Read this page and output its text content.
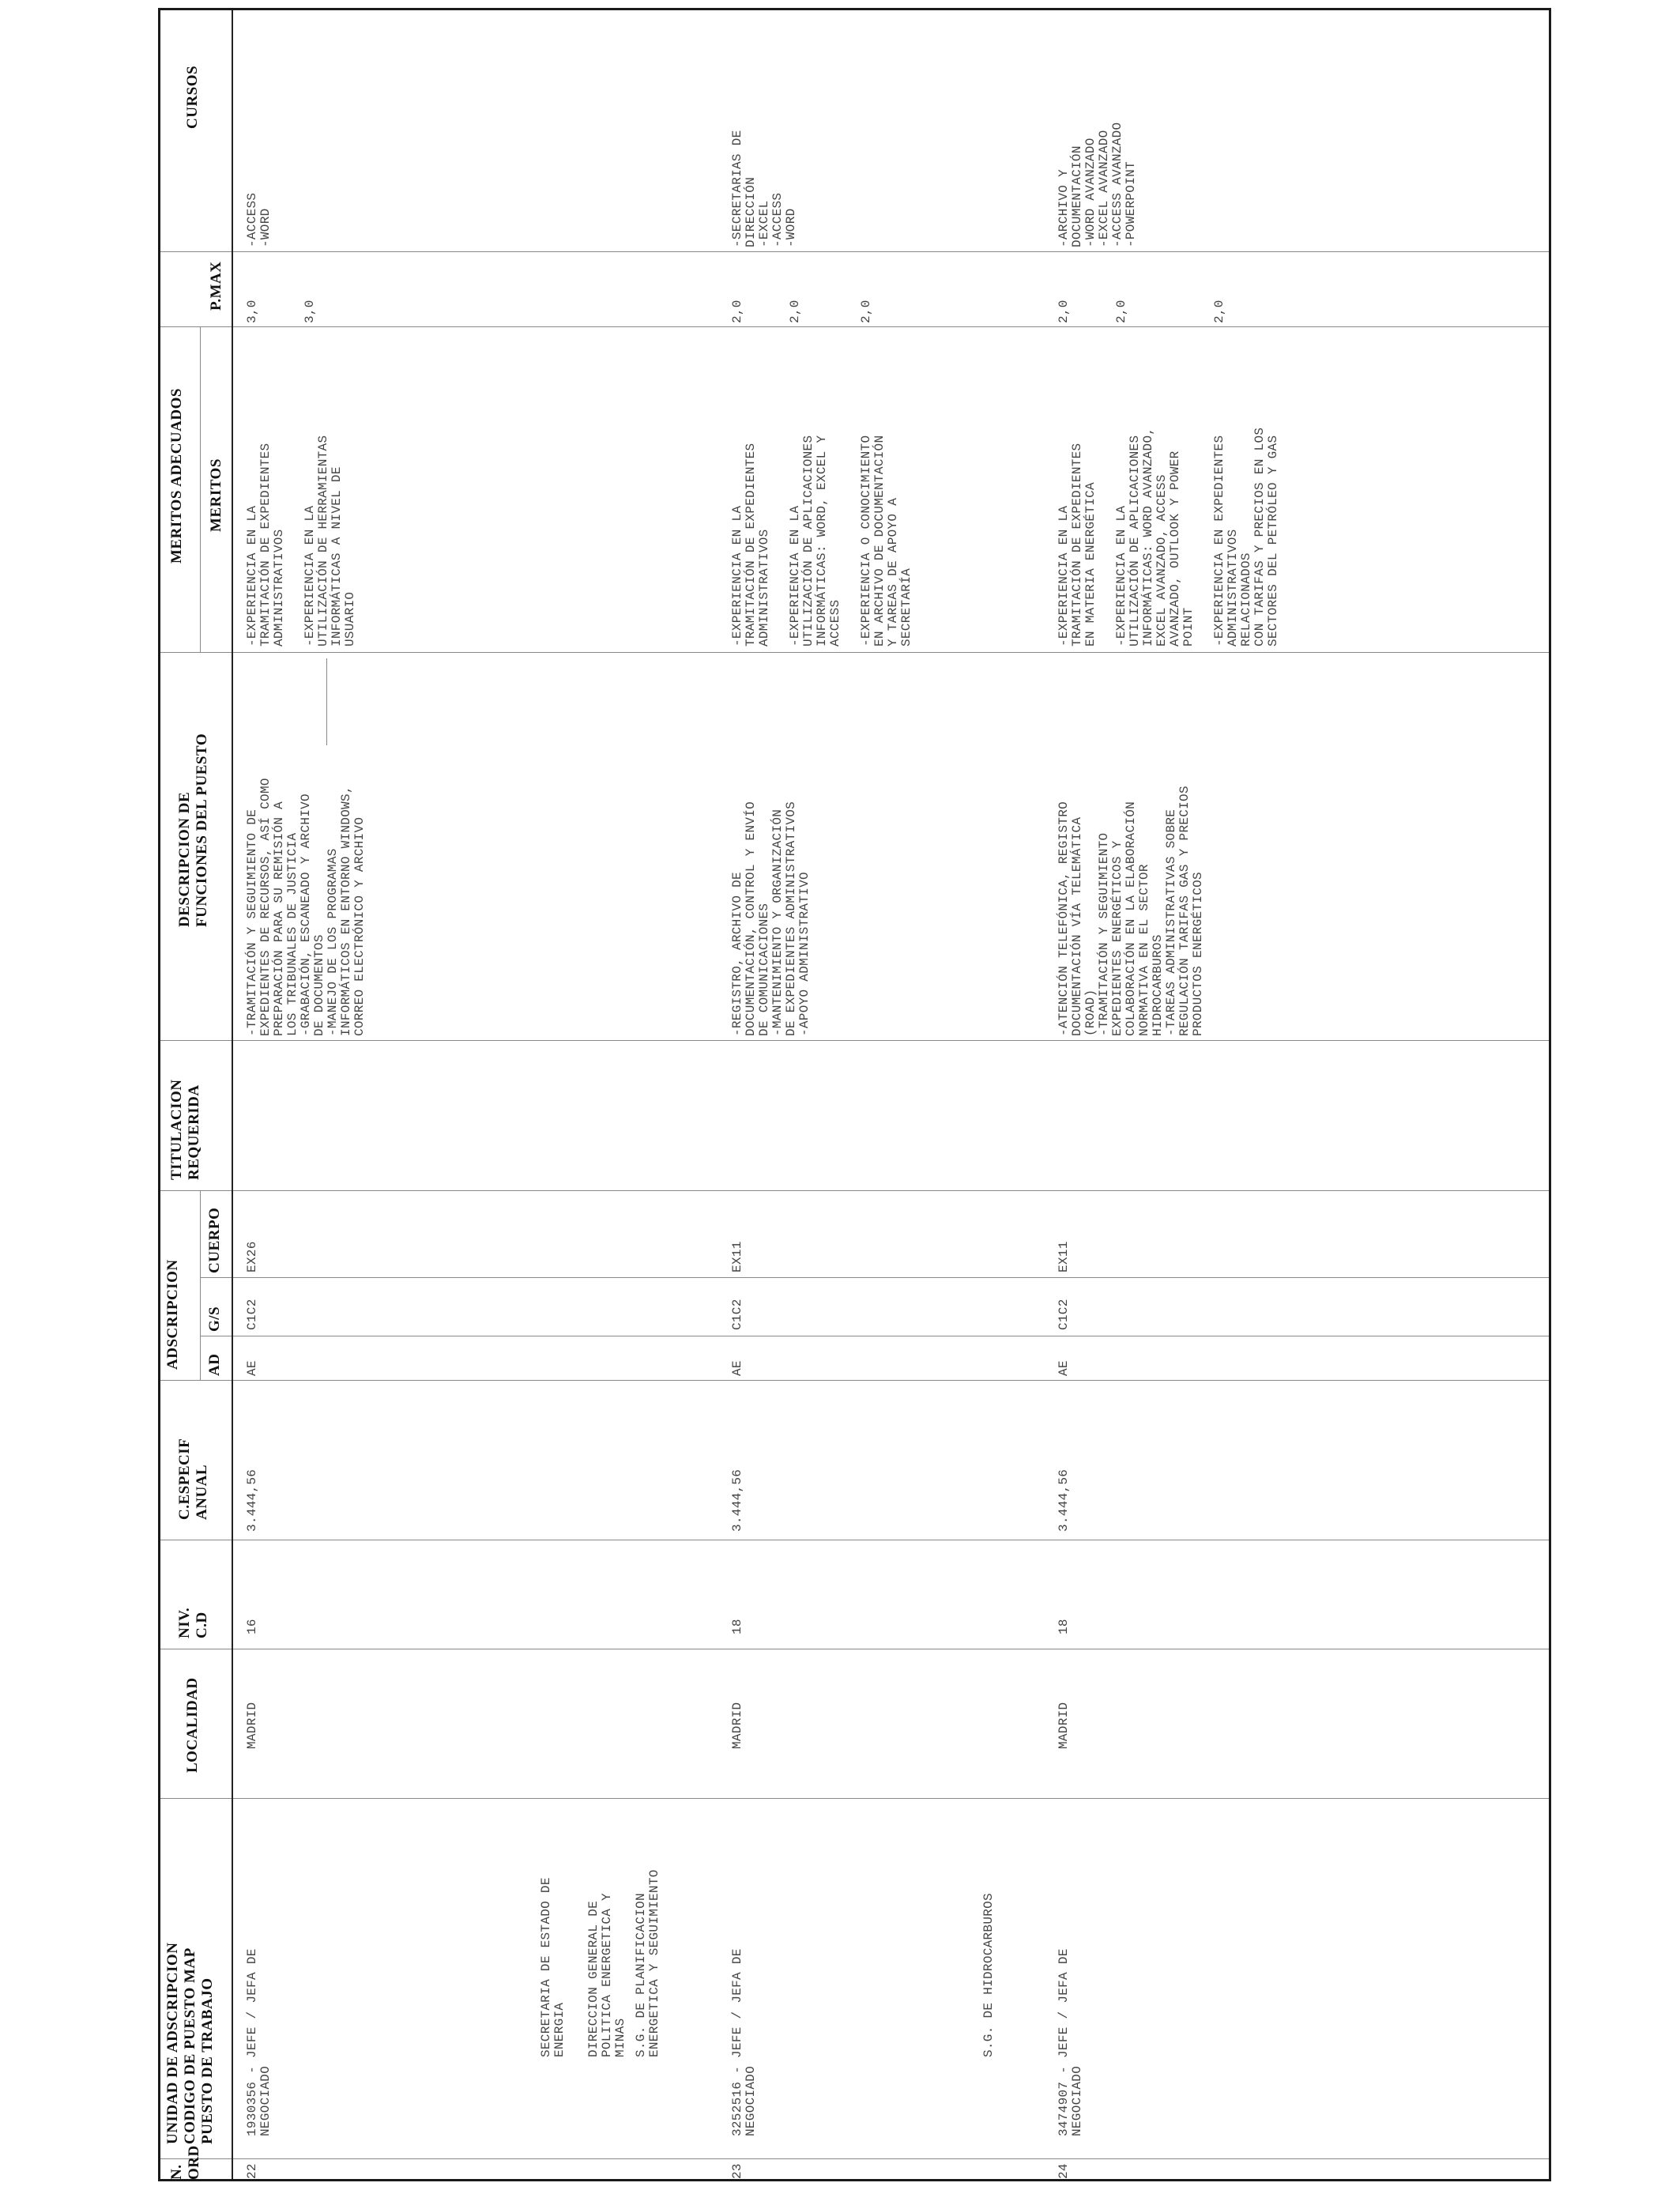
N.
ORD
UNIDAD DE ADSCRIPCION
CODIGO DE PUESTO MAP
PUESTO DE TRABAJO
LOCALIDAD
NIV.
C.D
C.ESPECIF
ANUAL
ADSCRIPCION AD
G/S
CUERPO
TITULACION
REQUERIDA
DESCRIPCION DE
FUNCIONES DEL PUESTO
MERITOS ADECUADOS MERITOS
P.MAX
CURSOS
SECRETARIA DE ESTADO DE
ENERGIA DIRECCION GENERAL DE
POLITICA ENERGETICA Y
MINAS S.G. DE PLANIFICACION
ENERGETICA Y SEGUIMIENTO	S.G. DE HIDROCARBUROS
22
1930356 - JEFE / JEFA DE
NEGOCIADO
MADRID
16
3.444,56
AE
C1C2
EX26
-TRAMITACIÓN Y SEGUIMIENTO DE
EXPEDIENTES DE RECURSOS, ASÍ COMO
PREPARACIÓN PARA SU REMISIÓN A
LOS TRIBUNALES DE JUSTICIA
-GRABACIÓN, ESCANEADO Y ARCHIVO
DE DOCUMENTOS
-MANEJO DE LOS PROGRAMAS
INFORMÁTICOS EN ENTORNO WINDOWS,
CORREO ELECTRÓNICO Y ARCHIVO
-EXPERIENCIA EN LA
TRAMITACIÓN DE EXPEDIENTES
ADMINISTRATIVOS
3,0
-EXPERIENCIA EN LA
UTILIZACIÓN DE HERRAMIENTAS
INFORMÁTICAS A NIVEL DE
USUARIO
3,0
-ACCESS
-WORD
23
3252516 - JEFE / JEFA DE
NEGOCIADO
MADRID
18
3.444,56
AE
C1C2
EX11
-REGISTRO, ARCHIVO DE
DOCUMENTACIÓN, CONTROL Y ENVÍO
DE COMUNICACIONES
-MANTENIMIENTO Y ORGANIZACIÓN
DE EXPEDIENTES ADMINISTRATIVOS
-APOYO ADMINISTRATIVO
-EXPERIENCIA EN LA
TRAMITACIÓN DE EXPEDIENTES
ADMINISTRATIVOS
2,0
-EXPERIENCIA EN LA
UTILIZACIÓN DE APLICACIONES
INFORMÁTICAS: WORD, EXCEL Y
ACCESS
2,0
-EXPERIENCIA O CONOCIMIENTO
EN ARCHIVO DE DOCUMENTACIÓN
Y TAREAS DE APOYO A
SECRETARÍA
2,0
-SECRETARIAS DE
DIRECCIÓN
-EXCEL
-ACCESS
-WORD
24
3474907 - JEFE / JEFA DE
NEGOCIADO
MADRID
18
3.444,56
AE
C1C2
EX11
-ATENCIÓN TELEFÓNICA, REGISTRO
DOCUMENTACIÓN VÍA TELEMÁTICA
(ROAD)
-TRAMITACIÓN Y SEGUIMIENTO
EXPEDIENTES ENERGÉTICOS Y
COLABORACIÓN EN LA ELABORACIÓN
NORMATIVA EN EL SECTOR
HIDROCARBUROS
-TAREAS ADMINISTRATIVAS SOBRE
REGULACIÓN TARIFAS GAS Y PRECIOS
PRODUCTOS ENERGÉTICOS
-EXPERIENCIA EN LA
TRAMITACIÓN DE EXPEDIENTES
EN MATERIA ENERGÉTICA
2,0
-EXPERIENCIA EN LA
UTILIZACIÓN DE APLICACIONES
INFORMÁTICAS: WORD AVANZADO,
EXCEL AVANZADO, ACCESS
AVANZADO, OUTLOOK Y POWER
POINT
2,0
-EXPERIENCIA EN EXPEDIENTES
ADMINISTRATIVOS
RELACIONADOS
CON TARIFAS Y PRECIOS EN LOS
SECTORES DEL PETRÓLEO Y GAS
2,0
-ARCHIVO Y
DOCUMENTACIÓN
-WORD AVANZADO
-EXCEL AVANZADO
-ACCESS AVANZADO
-POWERPOINT
